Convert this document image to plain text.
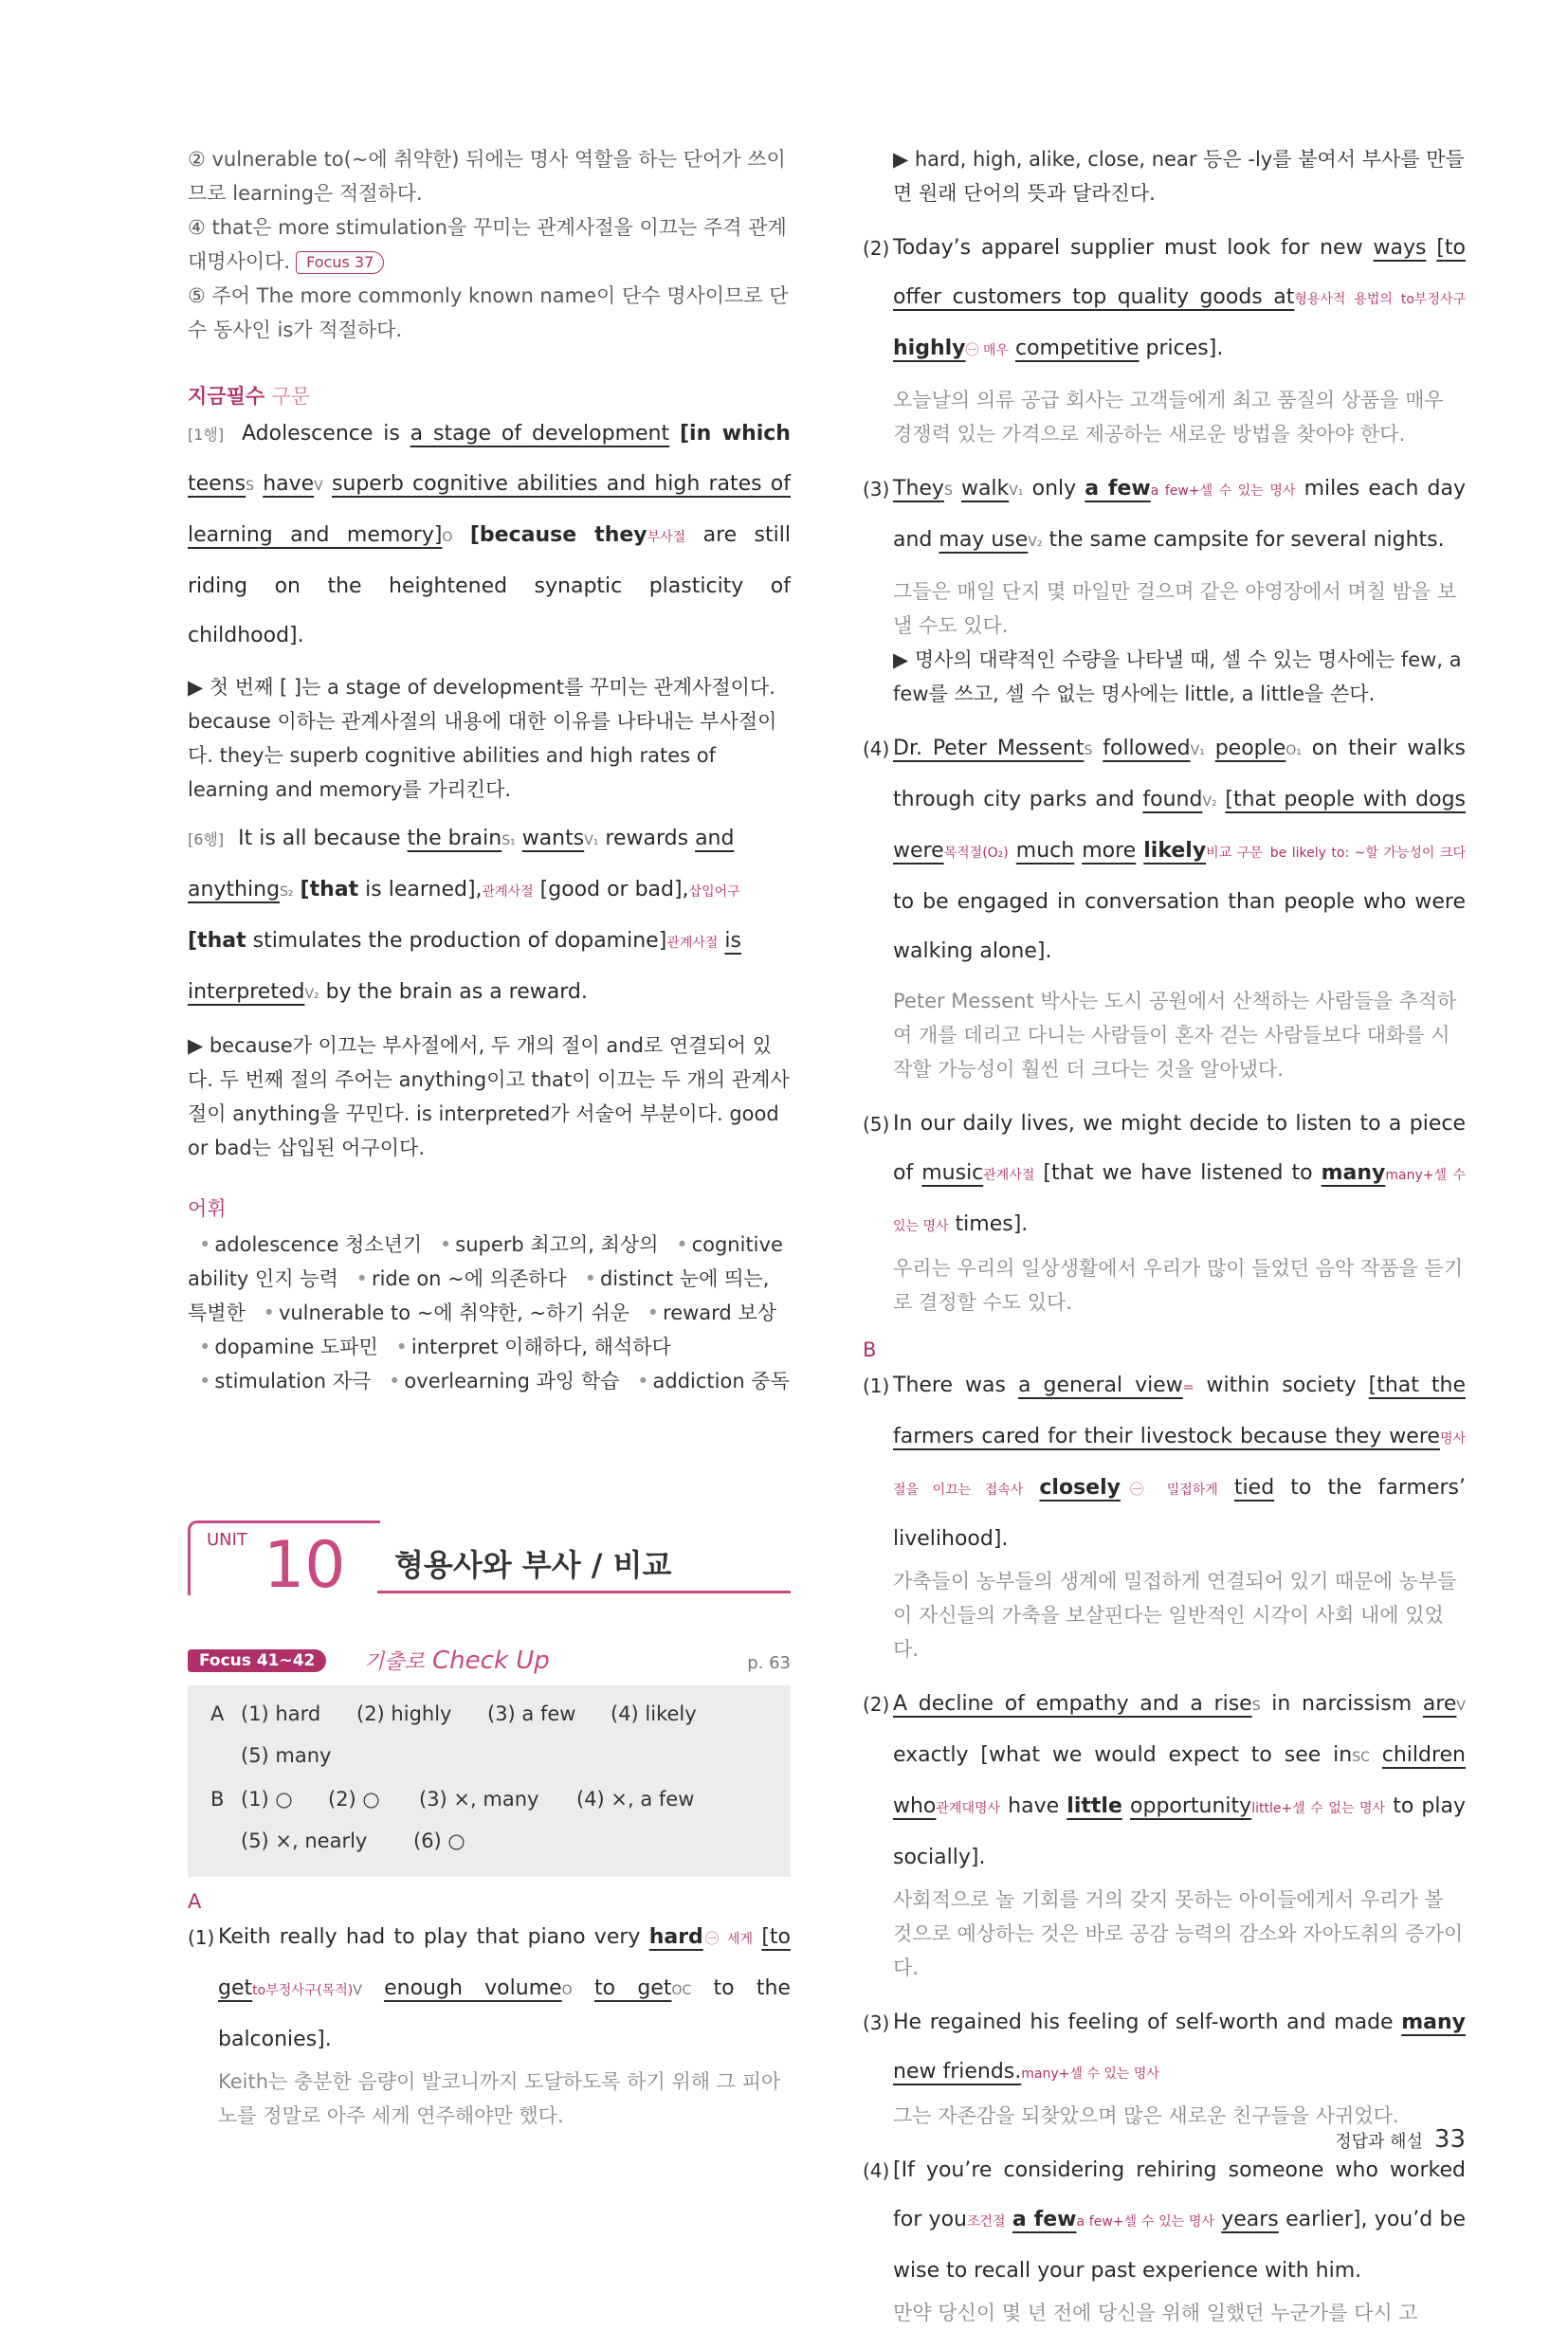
② vulnerable to(~에 취약한) 뒤에는 명사 역할을 하는 단어가 쓰이므로 learning은 적절하다.

④ that은 more stimulation을 꾸미는 관계사절을 이끄는 주격 관계대명사이다. Focus 37

⑤ 주어 The more commonly known name이 단수 명사이므로 단수 동사인 is가 적절하다.

지금필수 구문

[1행] Adolescence is a stage of development [in which teensS haveV superb cognitive abilities and high rates of learning and memory]O [because they부사절 are still riding on the heightened synaptic plasticity of childhood].

▶ 첫 번째 [ ]는 a stage of development를 꾸미는 관계사절이다. because 이하는 관계사절의 내용에 대한 이유를 나타내는 부사절이다. they는 superb cognitive abilities and high rates of learning and memory를 가리킨다.

[6행] It is all because the brainS₁ wantsV₁ rewards and anythingS₂ [that is learned],관계사절 [good or bad],삽입어구 [that stimulates the production of dopamine]관계사절 is interpretedV₂ by the brain as a reward.

▶ because가 이끄는 부사절에서, 두 개의 절이 and로 연결되어 있다. 두 번째 절의 주어는 anything이고 that이 이끄는 두 개의 관계사절이 anything을 꾸민다. is interpreted가 서술어 부분이다. good or bad는 삽입된 어구이다.

어휘

• adolescence 청소년기 • superb 최고의, 최상의 • cognitive ability 인지 능력 • ride on ~에 의존하다 • distinct 눈에 띄는, 특별한 • vulnerable to ~에 취약한, ~하기 쉬운 • reward 보상 • dopamine 도파민 • interpret 이해하다, 해석하다 • stimulation 자극 • overlearning 과잉 학습 • addiction 중독

UNIT 10 형용사와 부사 / 비교
Focus 41~42	기출로 Check Up	p. 63
A (1) hard (2) highly (3) a few (4) likely
(5) many
B (1) ○ (2) ○ (3) ×, many (4) ×, a few
(5) ×, nearly (6) ○

A

(1) Keith really had to play that piano very hard㊀ 세게 [to getto부정사구(목적)V enough volumeO to getOC to the balconies].

Keith는 충분한 음량이 발코니까지 도달하도록 하기 위해 그 피아노를 정말로 아주 세게 연주해야만 했다.

▶ hard, high, alike, close, near 등은 -ly를 붙여서 부사를 만들면 원래 단어의 뜻과 달라진다.

(2) Today’s apparel supplier must look for new ways [to offer customers top quality goods at형용사적 용법의 to부정사구 highly㊀ 매우 competitive prices].

오늘날의 의류 공급 회사는 고객들에게 최고 품질의 상품을 매우 경쟁력 있는 가격으로 제공하는 새로운 방법을 찾아야 한다.

(3) TheyS walkV₁ only a fewa few+셀 수 있는 명사 miles each day and may useV₂ the same campsite for several nights.

그들은 매일 단지 몇 마일만 걸으며 같은 야영장에서 며칠 밤을 보낼 수도 있다.

▶ 명사의 대략적인 수량을 나타낼 때, 셀 수 있는 명사에는 few, a few를 쓰고, 셀 수 없는 명사에는 little, a little을 쓴다.

(4) Dr. Peter MessentS followedV₁ peopleO₁ on their walks through city parks and foundV₂ [that people with dogs were목적절(O₂) much more likely비교 구문 be likely to: ~할 가능성이 크다 to be engaged in conversation than people who were walking alone].

Peter Messent 박사는 도시 공원에서 산책하는 사람들을 추적하여 개를 데리고 다니는 사람들이 혼자 걷는 사람들보다 대화를 시작할 가능성이 훨씬 더 크다는 것을 알아냈다.

(5) In our daily lives, we might decide to listen to a piece of music관계사절 [that we have listened to manymany+셀 수 있는 명사 times].

우리는 우리의 일상생활에서 우리가 많이 들었던 음악 작품을 듣기로 결정할 수도 있다.

B

(1) There was a general view= within society [that the farmers cared for their livestock because they were명사절을 이끄는 접속사 closely㊀ 밀접하게 tied to the farmers’ livelihood].

가축들이 농부들의 생계에 밀접하게 연결되어 있기 때문에 농부들이 자신들의 가축을 보살핀다는 일반적인 시각이 사회 내에 있었다.

(2) A decline of empathy and a riseS in narcissism areV exactly [what we would expect to see inSC children who관계대명사 have little opportunitylittle+셀 수 없는 명사 to play socially].

사회적으로 놀 기회를 거의 갖지 못하는 아이들에게서 우리가 볼 것으로 예상하는 것은 바로 공감 능력의 감소와 자아도취의 증가이다.

(3) He regained his feeling of self-worth and made many new friends.many+셀 수 있는 명사

그는 자존감을 되찾았으며 많은 새로운 친구들을 사귀었다.

(4) [If you’re considering rehiring someone who worked for you조건절 a fewa few+셀 수 있는 명사 years earlier], you’d be wise to recall your past experience with him.

만약 당신이 몇 년 전에 당신을 위해 일했던 누군가를 다시 고

정답과 해설 33
